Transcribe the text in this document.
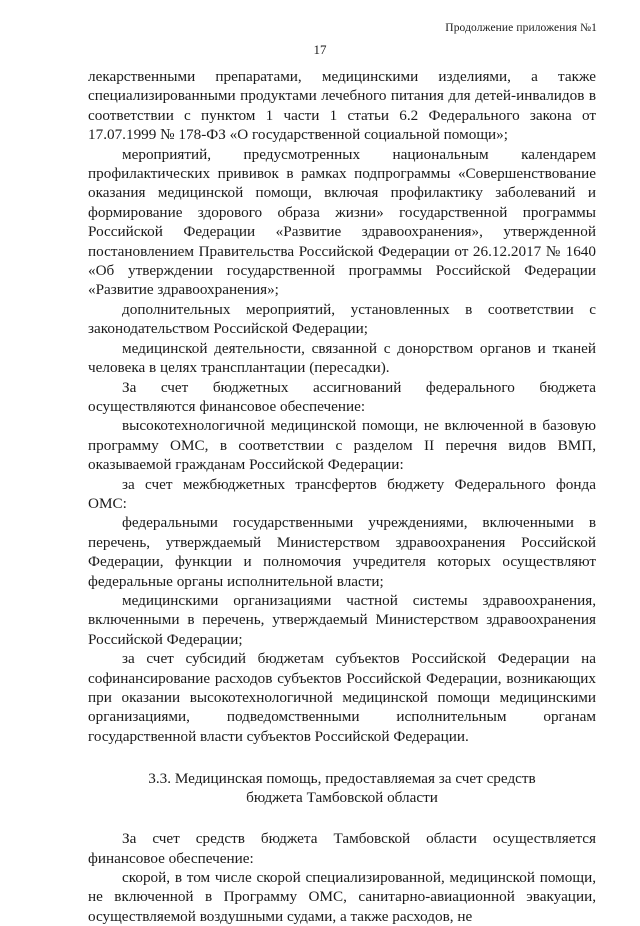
Продолжение приложения №1
17

лекарственными препаратами, медицинскими изделиями, а также специализированными продуктами лечебного питания для детей-инвалидов в соответствии с пунктом 1 части 1 статьи 6.2 Федерального закона от 17.07.1999 № 178-ФЗ «О государственной социальной помощи»;

мероприятий, предусмотренных национальным календарем профилактических прививок в рамках подпрограммы «Совершенствование оказания медицинской помощи, включая профилактику заболеваний и формирование здорового образа жизни» государственной программы Российской Федерации «Развитие здравоохранения», утвержденной постановлением Правительства Российской Федерации от 26.12.2017 № 1640 «Об утверждении государственной программы Российской Федерации «Развитие здравоохранения»;

дополнительных мероприятий, установленных в соответствии с законодательством Российской Федерации;

медицинской деятельности, связанной с донорством органов и тканей человека в целях трансплантации (пересадки).

За счет бюджетных ассигнований федерального бюджета осуществляются финансовое обеспечение:

высокотехнологичной медицинской помощи, не включенной в базовую программу ОМС, в соответствии с разделом II перечня видов ВМП, оказываемой гражданам Российской Федерации:

за счет межбюджетных трансфертов бюджету Федерального фонда ОМС:

федеральными государственными учреждениями, включенными в перечень, утверждаемый Министерством здравоохранения Российской Федерации, функции и полномочия учредителя которых осуществляют федеральные органы исполнительной власти;

медицинскими организациями частной системы здравоохранения, включенными в перечень, утверждаемый Министерством здравоохранения Российской Федерации;

за счет субсидий бюджетам субъектов Российской Федерации на софинансирование расходов субъектов Российской Федерации, возникающих при оказании высокотехнологичной медицинской помощи медицинскими организациями, подведомственными исполнительным органам государственной власти субъектов Российской Федерации.

3.3. Медицинская помощь, предоставляемая за счет средств
бюджета Тамбовской области

За счет средств бюджета Тамбовской области осуществляется финансовое обеспечение:

скорой, в том числе скорой специализированной, медицинской помощи, не включенной в Программу ОМС, санитарно-авиационной эвакуации, осуществляемой воздушными судами, а также расходов, не
